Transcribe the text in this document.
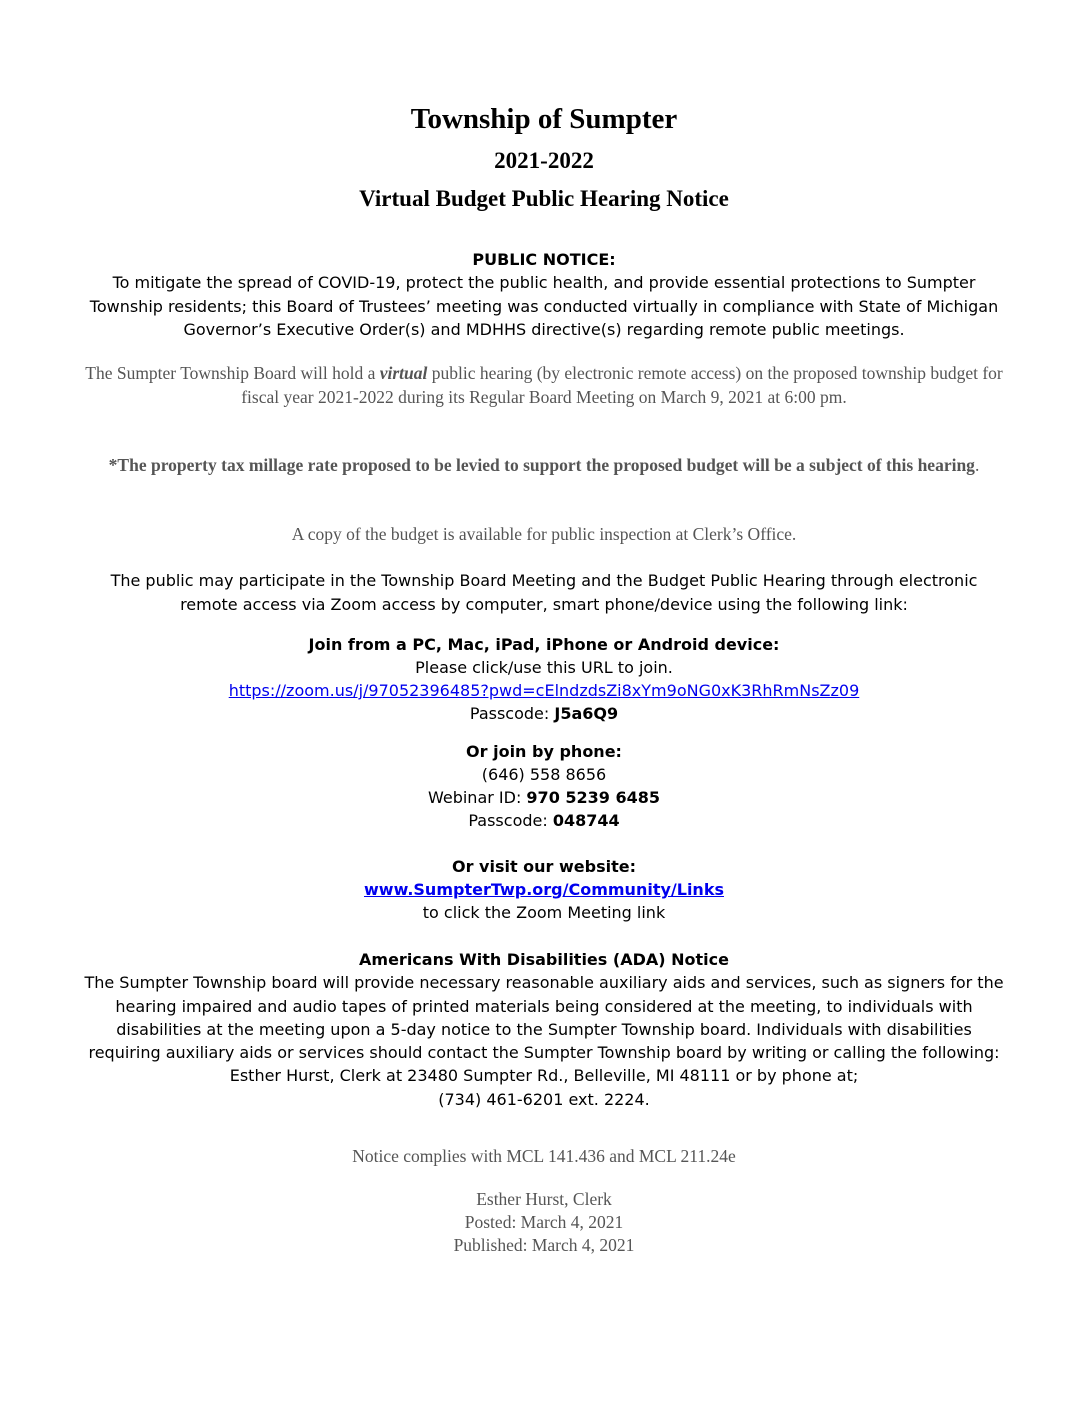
Township of Sumpter
2021-2022
Virtual Budget Public Hearing Notice

PUBLIC NOTICE:

To mitigate the spread of COVID-19, protect the public health, and provide essential protections to Sumpter Township residents; this Board of Trustees’ meeting was conducted virtually in compliance with State of Michigan Governor’s Executive Order(s) and MDHHS directive(s) regarding remote public meetings.

The Sumpter Township Board will hold a virtual public hearing (by electronic remote access) on the proposed township budget for fiscal year 2021-2022 during its Regular Board Meeting on March 9, 2021 at 6:00 pm.

*The property tax millage rate proposed to be levied to support the proposed budget will be a subject of this hearing.

A copy of the budget is available for public inspection at Clerk’s Office.

The public may participate in the Township Board Meeting and the Budget Public Hearing through electronic remote access via Zoom access by computer, smart phone/device using the following link:

Join from a PC, Mac, iPad, iPhone or Android device:
Please click/use this URL to join.
https://zoom.us/j/97052396485?pwd=cElndzdsZi8xYm9oNG0xK3RhRmNsZz09
Passcode: J5a6Q9
Or join by phone:
(646) 558 8656
Webinar ID: 970 5239 6485
Passcode: 048744
Or visit our website:
www.SumpterTwp.org/Community/Links
to click the Zoom Meeting link
Americans With Disabilities (ADA) Notice
The Sumpter Township board will provide necessary reasonable auxiliary aids and services, such as signers for the hearing impaired and audio tapes of printed materials being considered at the meeting, to individuals with disabilities at the meeting upon a 5-day notice to the Sumpter Township board. Individuals with disabilities requiring auxiliary aids or services should contact the Sumpter Township board by writing or calling the following: Esther Hurst, Clerk at 23480 Sumpter Rd., Belleville, MI 48111 or by phone at;
(734) 461-6201 ext. 2224.

Notice complies with MCL 141.436 and MCL 211.24e

Esther Hurst, Clerk
Posted: March 4, 2021
Published: March 4, 2021
